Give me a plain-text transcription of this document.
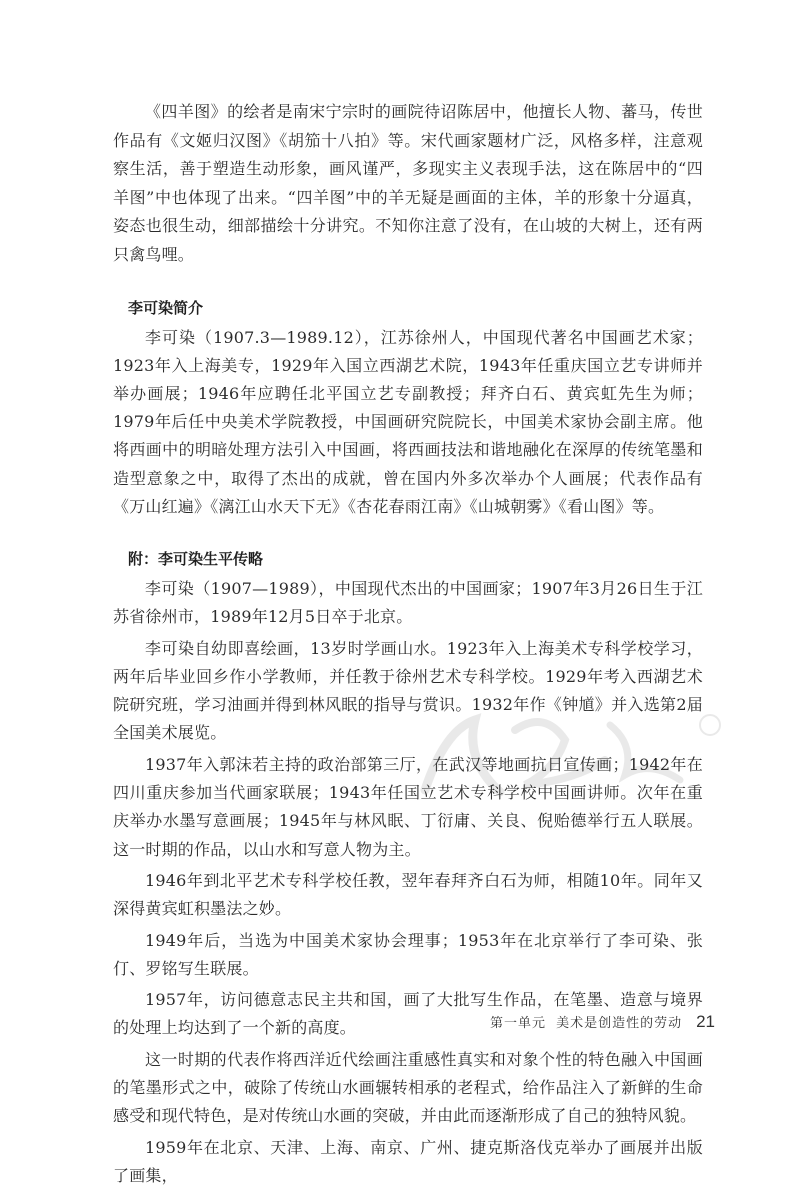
《四羊图》的绘者是南宋宁宗时的画院待诏陈居中，他擅长人物、蕃马，传世作品有《文姬归汉图》《胡笳十八拍》等。宋代画家题材广泛，风格多样，注意观察生活，善于塑造生动形象，画风谨严，多现实主义表现手法，这在陈居中的“四羊图”中也体现了出来。“四羊图”中的羊无疑是画面的主体，羊的形象十分逼真，姿态也很生动，细部描绘十分讲究。不知你注意了没有，在山坡的大树上，还有两只禽鸟哩。

李可染简介

李可染（1907.3—1989.12），江苏徐州人，中国现代著名中国画艺术家；1923年入上海美专，1929年入国立西湖艺术院，1943年任重庆国立艺专讲师并举办画展；1946年应聘任北平国立艺专副教授；拜齐白石、黄宾虹先生为师；1979年后任中央美术学院教授，中国画研究院院长，中国美术家协会副主席。他将西画中的明暗处理方法引入中国画，将西画技法和谐地融化在深厚的传统笔墨和造型意象之中，取得了杰出的成就，曾在国内外多次举办个人画展；代表作品有《万山红遍》《漓江山水天下无》《杏花春雨江南》《山城朝雾》《看山图》等。

附：李可染生平传略

李可染（1907—1989），中国现代杰出的中国画家；1907年3月26日生于江苏省徐州市，1989年12月5日卒于北京。

李可染自幼即喜绘画，13岁时学画山水。1923年入上海美术专科学校学习，两年后毕业回乡作小学教师，并任教于徐州艺术专科学校。1929年考入西湖艺术院研究班，学习油画并得到林风眠的指导与赏识。1932年作《钟馗》并入选第2届全国美术展览。

1937年入郭沫若主持的政治部第三厅，在武汉等地画抗日宣传画；1942年在四川重庆参加当代画家联展；1943年任国立艺术专科学校中国画讲师。次年在重庆举办水墨写意画展；1945年与林风眠、丁衍庸、关良、倪贻德举行五人联展。这一时期的作品，以山水和写意人物为主。

1946年到北平艺术专科学校任教，翌年春拜齐白石为师，相随10年。同年又深得黄宾虹积墨法之妙。

1949年后，当选为中国美术家协会理事；1953年在北京举行了李可染、张仃、罗铭写生联展。

1957年，访问德意志民主共和国，画了大批写生作品，在笔墨、造意与境界的处理上均达到了一个新的高度。

这一时期的代表作将西洋近代绘画注重感性真实和对象个性的特色融入中国画的笔墨形式之中，破除了传统山水画辗转相承的老程式，给作品注入了新鲜的生命感受和现代特色，是对传统山水画的突破，并由此而逐渐形成了自己的独特风貌。

1959年在北京、天津、上海、南京、广州、捷克斯洛伐克举办了画展并出版了画集，

第一单元 美术是创造性的劳动 21
